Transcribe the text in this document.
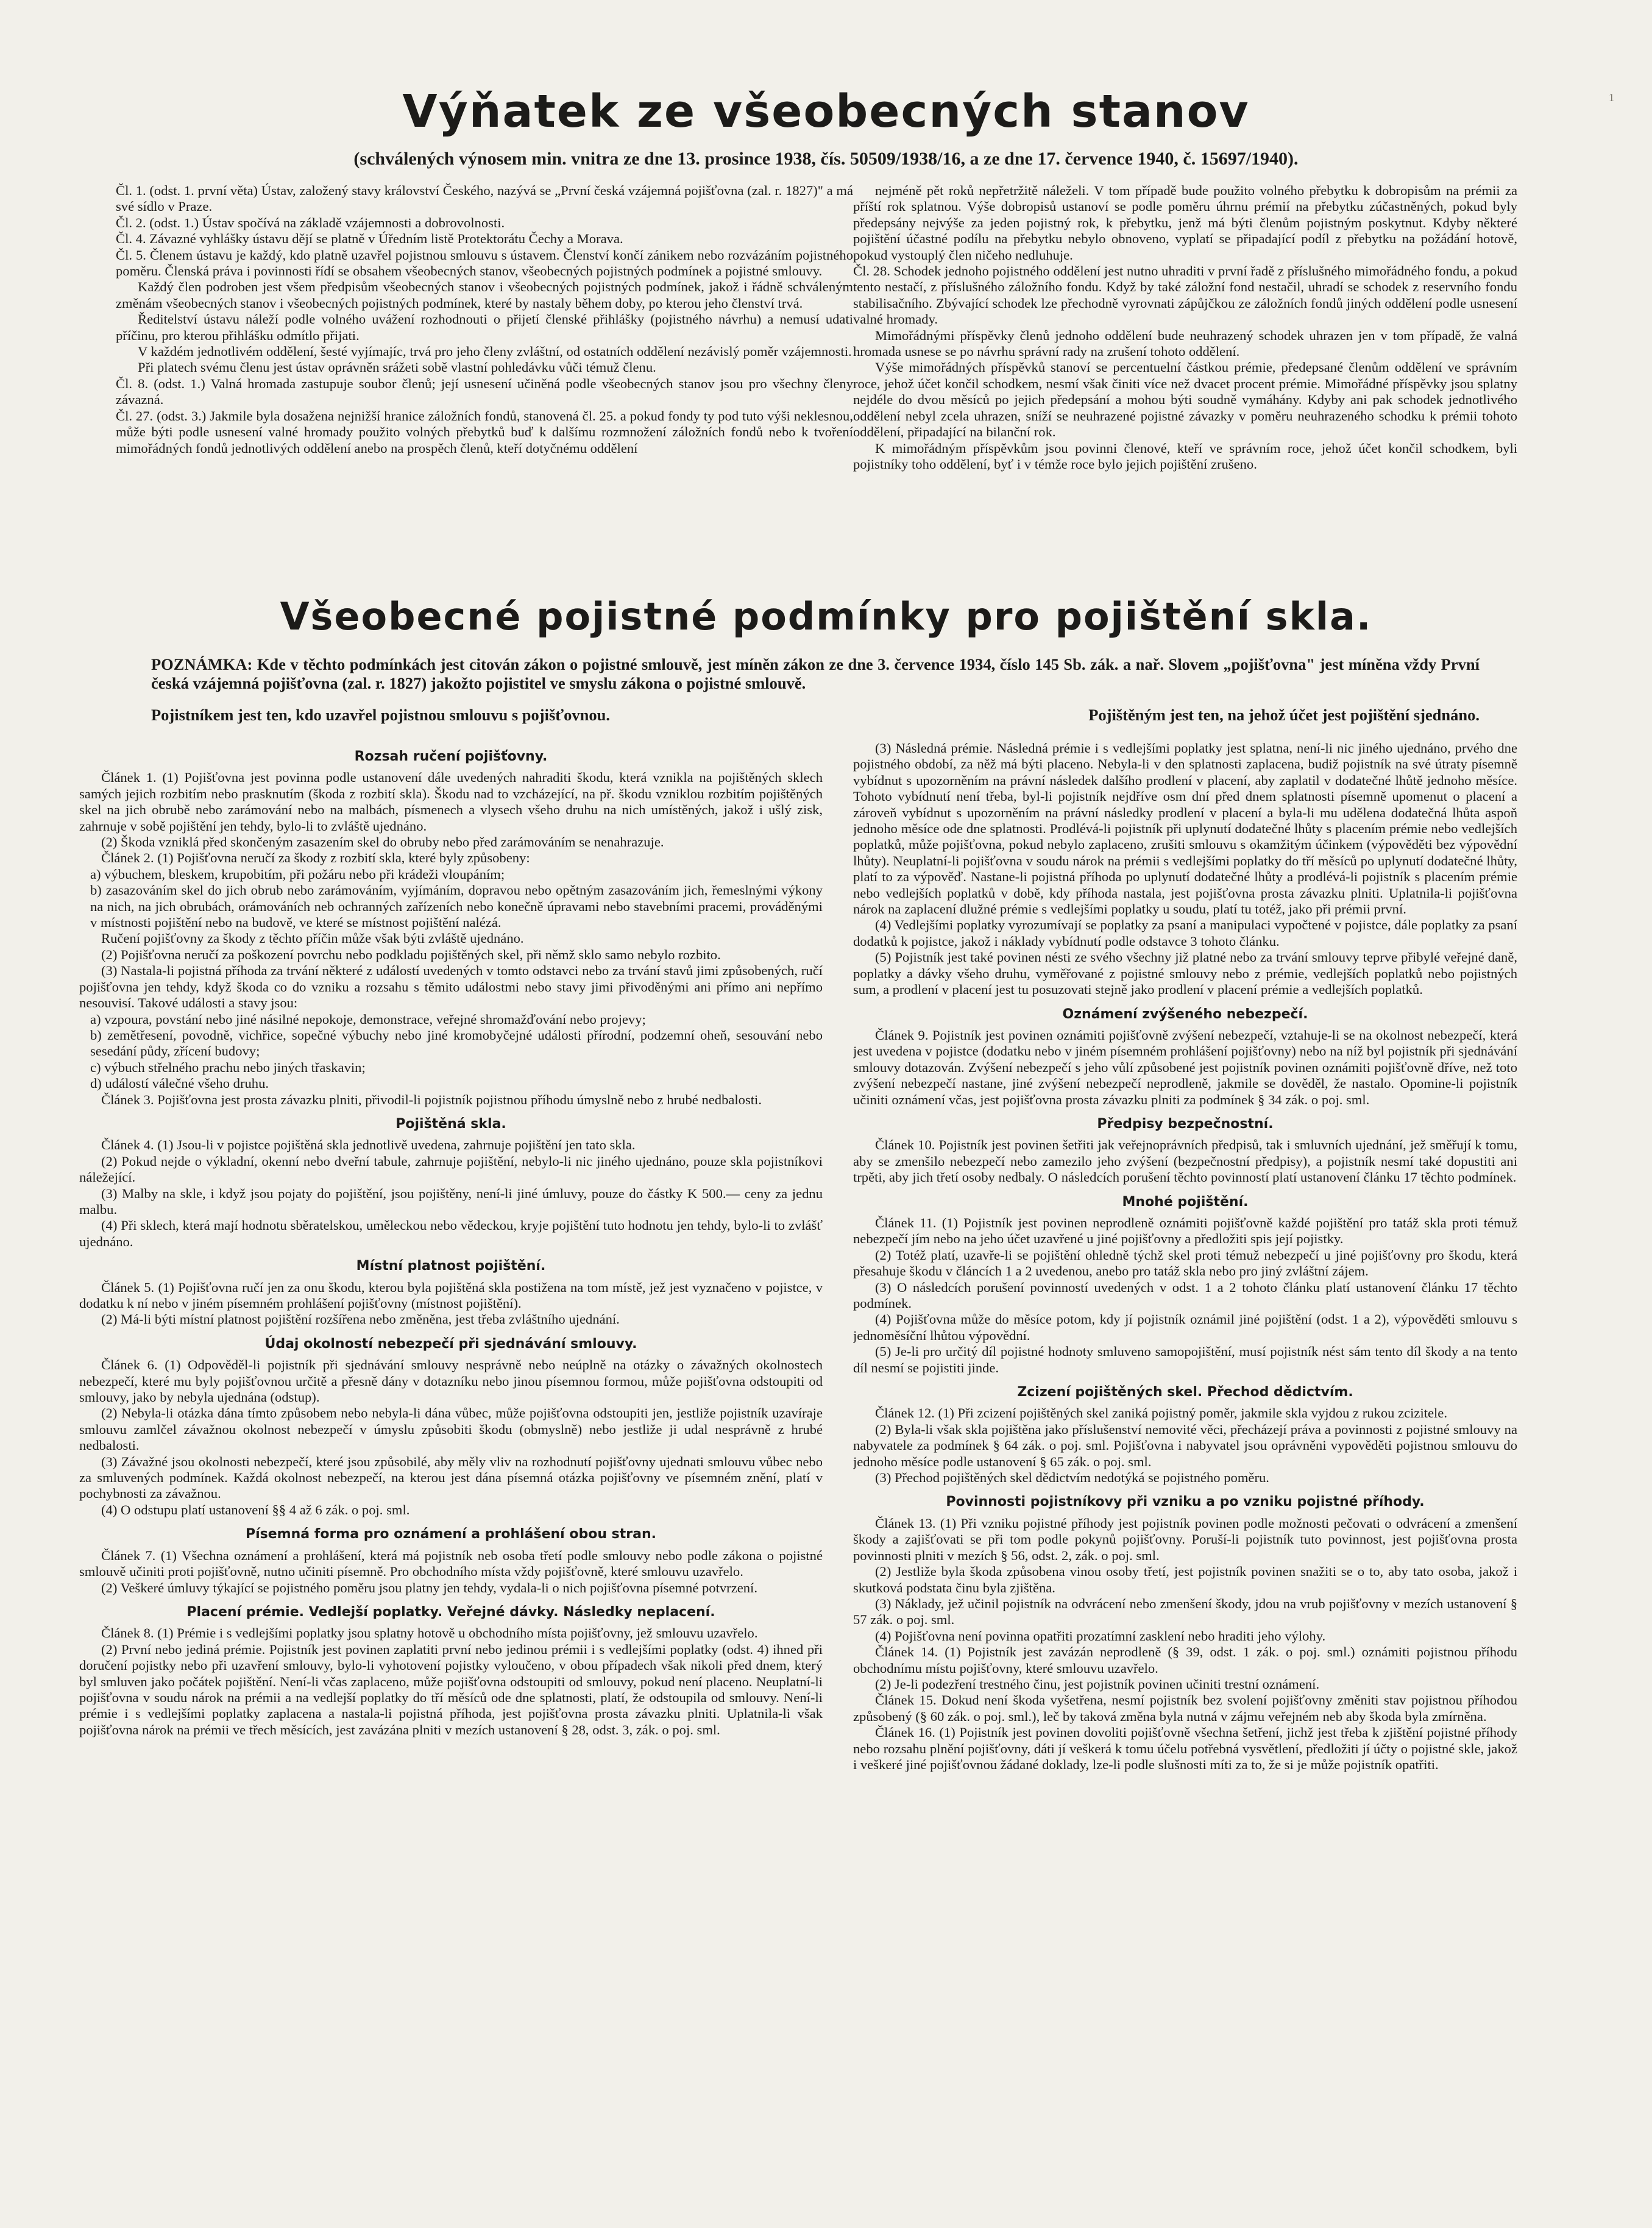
Výňatek ze všeobecných stanov
(schválených výnosem min. vnitra ze dne 13. prosince 1938, čís. 50509/1938/16, a ze dne 17. července 1940, č. 15697/1940).

Čl. 1. (odst. 1. první věta) Ústav, založený stavy království Českého, nazývá se „První česká vzájemná pojišťovna (zal. r. 1827)" a má své sídlo v Praze.

Čl. 2. (odst. 1.) Ústav spočívá na základě vzájemnosti a dobrovolnosti.

Čl. 4. Závazné vyhlášky ústavu dějí se platně v Úředním listě Protektorátu Čechy a Morava.

Čl. 5. Členem ústavu je každý, kdo platně uzavřel pojistnou smlouvu s ústavem. Členství končí zánikem nebo rozvázáním pojistného poměru. Členská práva i povinnosti řídí se obsahem všeobecných stanov, všeobecných pojistných podmínek a pojistné smlouvy.

Každý člen podroben jest všem předpisům všeobecných stanov i všeobecných pojistných podmínek, jakož i řádně schváleným změnám všeobecných stanov i všeobecných pojistných podmínek, které by nastaly během doby, po kterou jeho členství trvá.

Ředitelství ústavu náleží podle volného uvážení rozhodnouti o přijetí členské přihlášky (pojistného návrhu) a nemusí udati příčinu, pro kterou přihlášku odmítlo přijati.

V každém jednotlivém oddělení, šesté vyjímajíc, trvá pro jeho členy zvláštní, od ostatních oddělení nezávislý poměr vzájemnosti.

Při platech svému členu jest ústav oprávněn srážeti sobě vlastní pohledávku vůči témuž členu.

Čl. 8. (odst. 1.) Valná hromada zastupuje soubor členů; její usnesení učiněná podle všeobecných stanov jsou pro všechny členy závazná.

Čl. 27. (odst. 3.) Jakmile byla dosažena nejnižší hranice záložních fondů, stanovená čl. 25. a pokud fondy ty pod tuto výši neklesnou, může býti podle usnesení valné hromady použito volných přebytků buď k dalšímu rozmnožení záložních fondů nebo k tvoření mimořádných fondů jednotlivých oddělení anebo na prospěch členů, kteří dotyčnému oddělení

nejméně pět roků nepřetržitě náleželi. V tom případě bude použito volného přebytku k dobropisům na prémii za příští rok splatnou. Výše dobropisů ustanoví se podle poměru úhrnu prémií na přebytku zúčastněných, pokud byly předepsány nejvýše za jeden pojistný rok, k přebytku, jenž má býti členům pojistným poskytnut. Kdyby některé pojištění účastné podílu na přebytku nebylo obnoveno, vyplatí se připadající podíl z přebytku na požádání hotově, pokud vystouplý člen ničeho nedluhuje.

Čl. 28. Schodek jednoho pojistného oddělení jest nutno uhraditi v první řadě z příslušného mimořádného fondu, a pokud tento nestačí, z příslušného záložního fondu. Když by také záložní fond nestačil, uhradí se schodek z reservního fondu stabilisačního. Zbývající schodek lze přechodně vyrovnati zápůjčkou ze záložních fondů jiných oddělení podle usnesení valné hromady.

Mimořádnými příspěvky členů jednoho oddělení bude neuhrazený schodek uhrazen jen v tom případě, že valná hromada usnese se po návrhu správní rady na zrušení tohoto oddělení.

Výše mimořádných příspěvků stanoví se percentuelní částkou prémie, předepsané členům oddělení ve správním roce, jehož účet končil schodkem, nesmí však činiti více než dvacet procent prémie. Mimořádné příspěvky jsou splatny nejdéle do dvou měsíců po jejich předepsání a mohou býti soudně vymáhány. Kdyby ani pak schodek jednotlivého oddělení nebyl zcela uhrazen, sníží se neuhrazené pojistné závazky v poměru neuhrazeného schodku k prémii tohoto oddělení, připadající na bilanční rok.

K mimořádným příspěvkům jsou povinni členové, kteří ve správním roce, jehož účet končil schodkem, byli pojistníky toho oddělení, byť i v témže roce bylo jejich pojištění zrušeno.

Všeobecné pojistné podmínky pro pojištění skla.
POZNÁMKA: Kde v těchto podmínkách jest citován zákon o pojistné smlouvě, jest míněn zákon ze dne 3. července 1934, číslo 145 Sb. zák. a nař. Slovem „pojišťovna" jest míněna vždy První česká vzájemná pojišťovna (zal. r. 1827) jakožto pojistitel ve smyslu zákona o pojistné smlouvě.
Pojistníkem jest ten, kdo uzavřel pojistnou smlouvu s pojišťovnou.	Pojištěným jest ten, na jehož účet jest pojištění sjednáno.

Rozsah ručení pojišťovny.

Článek 1. (1) Pojišťovna jest povinna podle ustanovení dále uvedených nahraditi škodu, která vznikla na pojištěných sklech samých jejich rozbitím nebo prasknutím (škoda z rozbití skla). Škodu nad to vzcházející, na př. škodu vzniklou rozbitím pojištěných skel na jich obrubě nebo zarámování nebo na malbách, písmenech a vlysech všeho druhu na nich umístěných, jakož i ušlý zisk, zahrnuje v sobě pojištění jen tehdy, bylo-li to zvláště ujednáno.

(2) Škoda vzniklá před skončeným zasazením skel do obruby nebo před zarámováním se nenahrazuje.

Článek 2. (1) Pojišťovna neručí za škody z rozbití skla, které byly způsobeny:

a) výbuchem, bleskem, krupobitím, při požáru nebo při krádeži vloupáním;

b) zasazováním skel do jich obrub nebo zarámováním, vyjímáním, dopravou nebo opětným zasazováním jich, řemeslnými výkony na nich, na jich obrubách, orámováních neb ochranných zařízeních nebo konečně úpravami nebo stavebními pracemi, prováděnými v místnosti pojištění nebo na budově, ve které se místnost pojištění nalézá.

Ručení pojišťovny za škody z těchto příčin může však býti zvláště ujednáno.

(2) Pojišťovna neručí za poškození povrchu nebo podkladu pojištěných skel, při němž sklo samo nebylo rozbito.

(3) Nastala-li pojistná příhoda za trvání některé z událostí uvedených v tomto odstavci nebo za trvání stavů jimi způsobených, ručí pojišťovna jen tehdy, když škoda co do vzniku a rozsahu s těmito událostmi nebo stavy jimi přivoděnými ani přímo ani nepřímo nesouvisí. Takové události a stavy jsou:

a) vzpoura, povstání nebo jiné násilné nepokoje, demonstrace, veřejné shromažďování nebo projevy;

b) zemětřesení, povodně, vichřice, sopečné výbuchy nebo jiné kromobyčejné události přírodní, podzemní oheň, sesouvání nebo sesedání půdy, zřícení budovy;

c) výbuch střelného prachu nebo jiných třaskavin;

d) událostí válečné všeho druhu.

Článek 3. Pojišťovna jest prosta závazku plniti, přivodil-li pojistník pojistnou příhodu úmyslně nebo z hrubé nedbalosti.

Pojištěná skla.

Článek 4. (1) Jsou-li v pojistce pojištěná skla jednotlivě uvedena, zahrnuje pojištění jen tato skla.

(2) Pokud nejde o výkladní, okenní nebo dveřní tabule, zahrnuje pojištění, nebylo-li nic jiného ujednáno, pouze skla pojistníkovi náležející.

(3) Malby na skle, i když jsou pojaty do pojištění, jsou pojištěny, není-li jiné úmluvy, pouze do částky K 500.— ceny za jednu malbu.

(4) Při sklech, která mají hodnotu sběratelskou, uměleckou nebo vědeckou, kryje pojištění tuto hodnotu jen tehdy, bylo-li to zvlášť ujednáno.

Místní platnost pojištění.

Článek 5. (1) Pojišťovna ručí jen za onu škodu, kterou byla pojištěná skla postižena na tom místě, jež jest vyznačeno v pojistce, v dodatku k ní nebo v jiném písemném prohlášení pojišťovny (místnost pojištění).

(2) Má-li býti místní platnost pojištění rozšířena nebo změněna, jest třeba zvláštního ujednání.

Údaj okolností nebezpečí při sjednávání smlouvy.

Článek 6. (1) Odpověděl-li pojistník při sjednávání smlouvy nesprávně nebo neúplně na otázky o závažných okolnostech nebezpečí, které mu byly pojišťovnou určitě a přesně dány v dotazníku nebo jinou písemnou formou, může pojišťovna odstoupiti od smlouvy, jako by nebyla ujednána (odstup).

(2) Nebyla-li otázka dána tímto způsobem nebo nebyla-li dána vůbec, může pojišťovna odstoupiti jen, jestliže pojistník uzavíraje smlouvu zamlčel závažnou okolnost nebezpečí v úmyslu způsobiti škodu (obmyslně) nebo jestliže ji udal nesprávně z hrubé nedbalosti.

(3) Závažné jsou okolnosti nebezpečí, které jsou způsobilé, aby měly vliv na rozhodnutí pojišťovny ujednati smlouvu vůbec nebo za smluvených podmínek. Každá okolnost nebezpečí, na kterou jest dána písemná otázka pojišťovny ve písemném znění, platí v pochybnosti za závažnou.

(4) O odstupu platí ustanovení §§ 4 až 6 zák. o poj. sml.

Písemná forma pro oznámení a prohlášení obou stran.

Článek 7. (1) Všechna oznámení a prohlášení, která má pojistník neb osoba třetí podle smlouvy nebo podle zákona o pojistné smlouvě učiniti proti pojišťovně, nutno učiniti písemně. Pro obchodního místa vždy pojišťovně, které smlouvu uzavřelo.

(2) Veškeré úmluvy týkající se pojistného poměru jsou platny jen tehdy, vydala-li o nich pojišťovna písemné potvrzení.

Placení prémie. Vedlejší poplatky. Veřejné dávky. Následky neplacení.

Článek 8. (1) Prémie i s vedlejšími poplatky jsou splatny hotově u obchodního místa pojišťovny, jež smlouvu uzavřelo.

(2) První nebo jediná prémie. Pojistník jest povinen zaplatiti první nebo jedinou prémii i s vedlejšími poplatky (odst. 4) ihned při doručení pojistky nebo při uzavření smlouvy, bylo-li vyhotovení pojistky vyloučeno, v obou případech však nikoli před dnem, který byl smluven jako počátek pojištění. Není-li včas zaplaceno, může pojišťovna odstoupiti od smlouvy, pokud není placeno. Neuplatní-li pojišťovna v soudu nárok na prémii a na vedlejší poplatky do tří měsíců ode dne splatnosti, platí, že odstoupila od smlouvy. Není-li prémie i s vedlejšími poplatky zaplacena a nastala-li pojistná příhoda, jest pojišťovna prosta závazku plniti. Uplatnila-li však pojišťovna nárok na prémii ve třech měsících, jest zavázána plniti v mezích ustanovení § 28, odst. 3, zák. o poj. sml.

(3) Následná prémie. Následná prémie i s vedlejšími poplatky jest splatna, není-li nic jiného ujednáno, prvého dne pojistného období, za něž má býti placeno. Nebyla-li v den splatnosti zaplacena, budiž pojistník na své útraty písemně vybídnut s upozorněním na právní následek dalšího prodlení v placení, aby zaplatil v dodatečné lhůtě jednoho měsíce. Tohoto vybídnutí není třeba, byl-li pojistník nejdříve osm dní před dnem splatnosti písemně upomenut o placení a zároveň vybídnut s upozorněním na právní následky prodlení v placení a byla-li mu udělena dodatečná lhůta aspoň jednoho měsíce ode dne splatnosti. Prodlévá-li pojistník při uplynutí dodatečné lhůty s placením prémie nebo vedlejších poplatků, může pojišťovna, pokud nebylo zaplaceno, zrušiti smlouvu s okamžitým účinkem (výpověděti bez výpovědní lhůty). Neuplatní-li pojišťovna v soudu nárok na prémii s vedlejšími poplatky do tří měsíců po uplynutí dodatečné lhůty, platí to za výpověď. Nastane-li pojistná příhoda po uplynutí dodatečné lhůty a prodlévá-li pojistník s placením prémie nebo vedlejších poplatků v době, kdy příhoda nastala, jest pojišťovna prosta závazku plniti. Uplatnila-li pojišťovna nárok na zaplacení dlužné prémie s vedlejšími poplatky u soudu, platí tu totéž, jako při prémii první.

(4) Vedlejšími poplatky vyrozumívají se poplatky za psaní a manipulaci vypočtené v pojistce, dále poplatky za psaní dodatků k pojistce, jakož i náklady vybídnutí podle odstavce 3 tohoto článku.

(5) Pojistník jest také povinen nésti ze svého všechny již platné nebo za trvání smlouvy teprve přibylé veřejné daně, poplatky a dávky všeho druhu, vyměřované z pojistné smlouvy nebo z prémie, vedlejších poplatků nebo pojistných sum, a prodlení v placení jest tu posuzovati stejně jako prodlení v placení prémie a vedlejších poplatků.

Oznámení zvýšeného nebezpečí.

Článek 9. Pojistník jest povinen oznámiti pojišťovně zvýšení nebezpečí, vztahuje-li se na okolnost nebezpečí, která jest uvedena v pojistce (dodatku nebo v jiném písemném prohlášení pojišťovny) nebo na níž byl pojistník při sjednávání smlouvy dotazován. Zvýšení nebezpečí s jeho vůlí způsobené jest pojistník povinen oznámiti pojišťovně dříve, než toto zvýšení nebezpečí nastane, jiné zvýšení nebezpečí neprodleně, jakmile se dověděl, že nastalo. Opomine-li pojistník učiniti oznámení včas, jest pojišťovna prosta závazku plniti za podmínek § 34 zák. o poj. sml.

Předpisy bezpečnostní.

Článek 10. Pojistník jest povinen šetřiti jak veřejnoprávních předpisů, tak i smluvních ujednání, jež směřují k tomu, aby se zmenšilo nebezpečí nebo zamezilo jeho zvýšení (bezpečnostní předpisy), a pojistník nesmí také dopustiti ani trpěti, aby jich třetí osoby nedbaly. O následcích porušení těchto povinností platí ustanovení článku 17 těchto podmínek.

Mnohé pojištění.

Článek 11. (1) Pojistník jest povinen neprodleně oznámiti pojišťovně každé pojištění pro tatáž skla proti témuž nebezpečí jím nebo na jeho účet uzavřené u jiné pojišťovny a předložiti spis její pojistky.

(2) Totéž platí, uzavře-li se pojištění ohledně týchž skel proti témuž nebezpečí u jiné pojišťovny pro škodu, která přesahuje škodu v článcích 1 a 2 uvedenou, anebo pro tatáž skla nebo pro jiný zvláštní zájem.

(3) O následcích porušení povinností uvedených v odst. 1 a 2 tohoto článku platí ustanovení článku 17 těchto podmínek.

(4) Pojišťovna může do měsíce potom, kdy jí pojistník oznámil jiné pojištění (odst. 1 a 2), výpověděti smlouvu s jednoměsíční lhůtou výpovědní.

(5) Je-li pro určitý díl pojistné hodnoty smluveno samopojištění, musí pojistník nést sám tento díl škody a na tento díl nesmí se pojistiti jinde.

Zcizení pojištěných skel. Přechod dědictvím.

Článek 12. (1) Při zcizení pojištěných skel zaniká pojistný poměr, jakmile skla vyjdou z rukou zcizitele.

(2) Byla-li však skla pojištěna jako příslušenství nemovité věci, přecházejí práva a povinnosti z pojistné smlouvy na nabyvatele za podmínek § 64 zák. o poj. sml. Pojišťovna i nabyvatel jsou oprávněni vypověděti pojistnou smlouvu do jednoho měsíce podle ustanovení § 65 zák. o poj. sml.

(3) Přechod pojištěných skel dědictvím nedotýká se pojistného poměru.

Povinnosti pojistníkovy při vzniku a po vzniku pojistné příhody.

Článek 13. (1) Při vzniku pojistné příhody jest pojistník povinen podle možnosti pečovati o odvrácení a zmenšení škody a zajišťovati se při tom podle pokynů pojišťovny. Poruší-li pojistník tuto povinnost, jest pojišťovna prosta povinnosti plniti v mezích § 56, odst. 2, zák. o poj. sml.

(2) Jestliže byla škoda způsobena vinou osoby třetí, jest pojistník povinen snažiti se o to, aby tato osoba, jakož i skutková podstata činu byla zjištěna.

(3) Náklady, jež učinil pojistník na odvrácení nebo zmenšení škody, jdou na vrub pojišťovny v mezích ustanovení § 57 zák. o poj. sml.

(4) Pojišťovna není povinna opatřiti prozatímní zasklení nebo hraditi jeho výlohy.

Článek 14. (1) Pojistník jest zavázán neprodleně (§ 39, odst. 1 zák. o poj. sml.) oznámiti pojistnou příhodu obchodnímu místu pojišťovny, které smlouvu uzavřelo.

(2) Je-li podezření trestného činu, jest pojistník povinen učiniti trestní oznámení.

Článek 15. Dokud není škoda vyšetřena, nesmí pojistník bez svolení pojišťovny změniti stav pojistnou příhodou způsobený (§ 60 zák. o poj. sml.), leč by taková změna byla nutná v zájmu veřejném neb aby škoda byla zmírněna.

Článek 16. (1) Pojistník jest povinen dovoliti pojišťovně všechna šetření, jichž jest třeba k zjištění pojistné příhody nebo rozsahu plnění pojišťovny, dáti jí veškerá k tomu účelu potřebná vysvětlení, předložiti jí účty o pojistné skle, jakož i veškeré jiné pojišťovnou žádané doklady, lze-li podle slušnosti míti za to, že si je může pojistník opatřiti.

1
